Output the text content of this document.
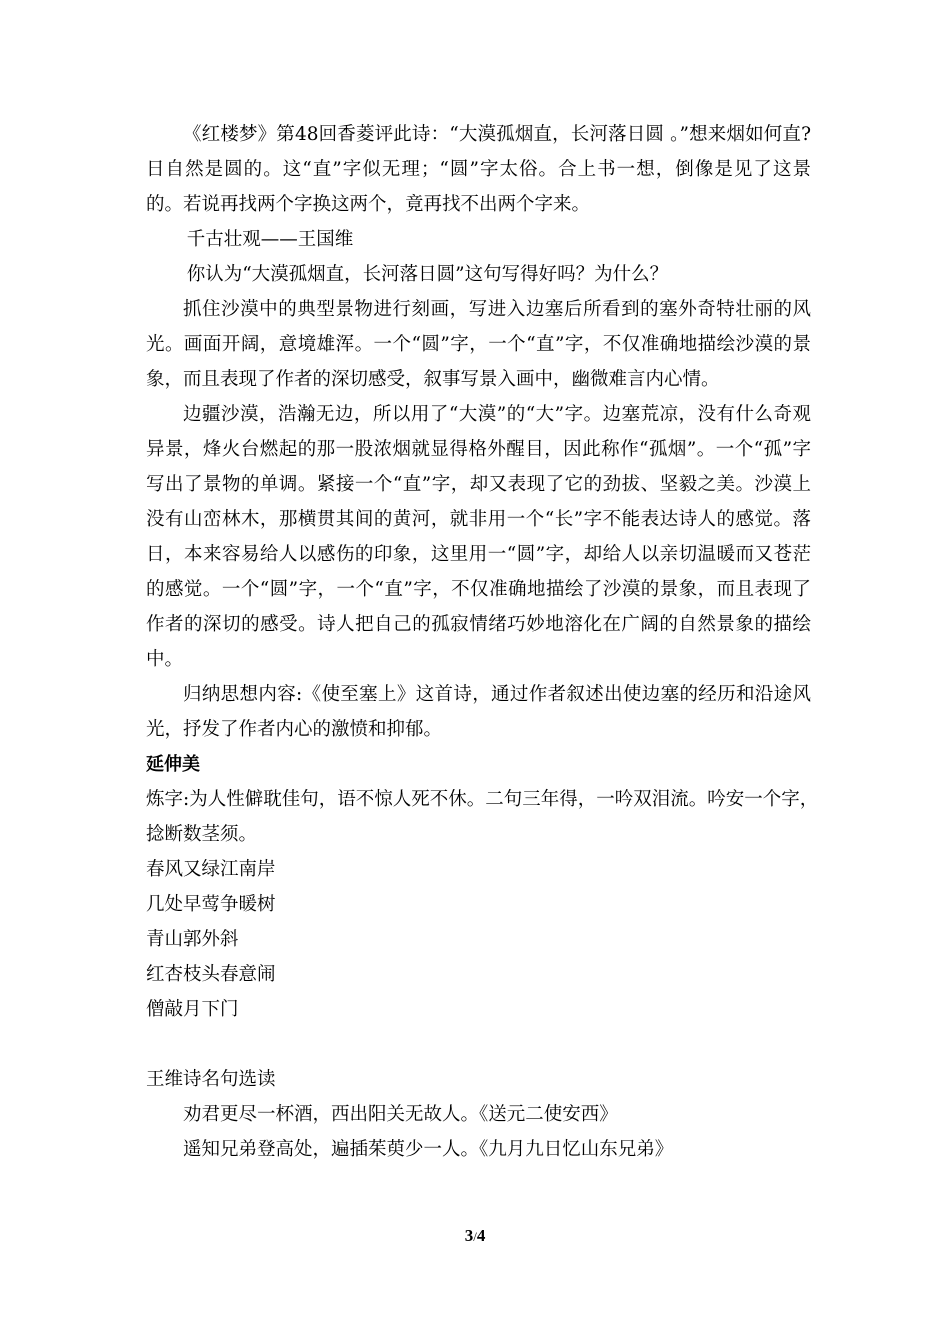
《红楼梦》第48回香菱评此诗：“大漠孤烟直，长河落日圆 。”想来烟如何直?日自然是圆的。这“直”字似无理；“圆”字太俗。合上书一想，倒像是见了这景的。若说再找两个字换这两个，竟再找不出两个字来。

千古壮观——王国维

你认为“大漠孤烟直，长河落日圆”这句写得好吗？为什么？

抓住沙漠中的典型景物进行刻画，写进入边塞后所看到的塞外奇特壮丽的风光。画面开阔，意境雄浑。一个“圆”字，一个“直”字，不仅准确地描绘沙漠的景象，而且表现了作者的深切感受，叙事写景入画中，幽微难言内心情。

边疆沙漠，浩瀚无边，所以用了“大漠”的“大”字。边塞荒凉，没有什么奇观异景，烽火台燃起的那一股浓烟就显得格外醒目，因此称作“孤烟”。一个“孤”字写出了景物的单调。紧接一个“直”字，却又表现了它的劲拔、坚毅之美。沙漠上没有山峦林木，那横贯其间的黄河，就非用一个“长”字不能表达诗人的感觉。落日，本来容易给人以感伤的印象，这里用一“圆”字，却给人以亲切温暖而又苍茫的感觉。一个“圆”字，一个“直”字，不仅准确地描绘了沙漠的景象，而且表现了作者的深切的感受。诗人把自己的孤寂情绪巧妙地溶化在广阔的自然景象的描绘中。

归纳思想内容:《使至塞上》这首诗，通过作者叙述出使边塞的经历和沿途风光，抒发了作者内心的激愤和抑郁。

延伸美

炼字:为人性僻耽佳句，语不惊人死不休。二句三年得，一吟双泪流。吟安一个字，

捻断数茎须。

春风又绿江南岸

几处早莺争暖树

青山郭外斜

红杏枝头春意闹

僧敲月下门

王维诗名句选读

劝君更尽一杯酒，西出阳关无故人。《送元二使安西》

遥知兄弟登高处，遍插茱萸少一人。《九月九日忆山东兄弟》

3/4
